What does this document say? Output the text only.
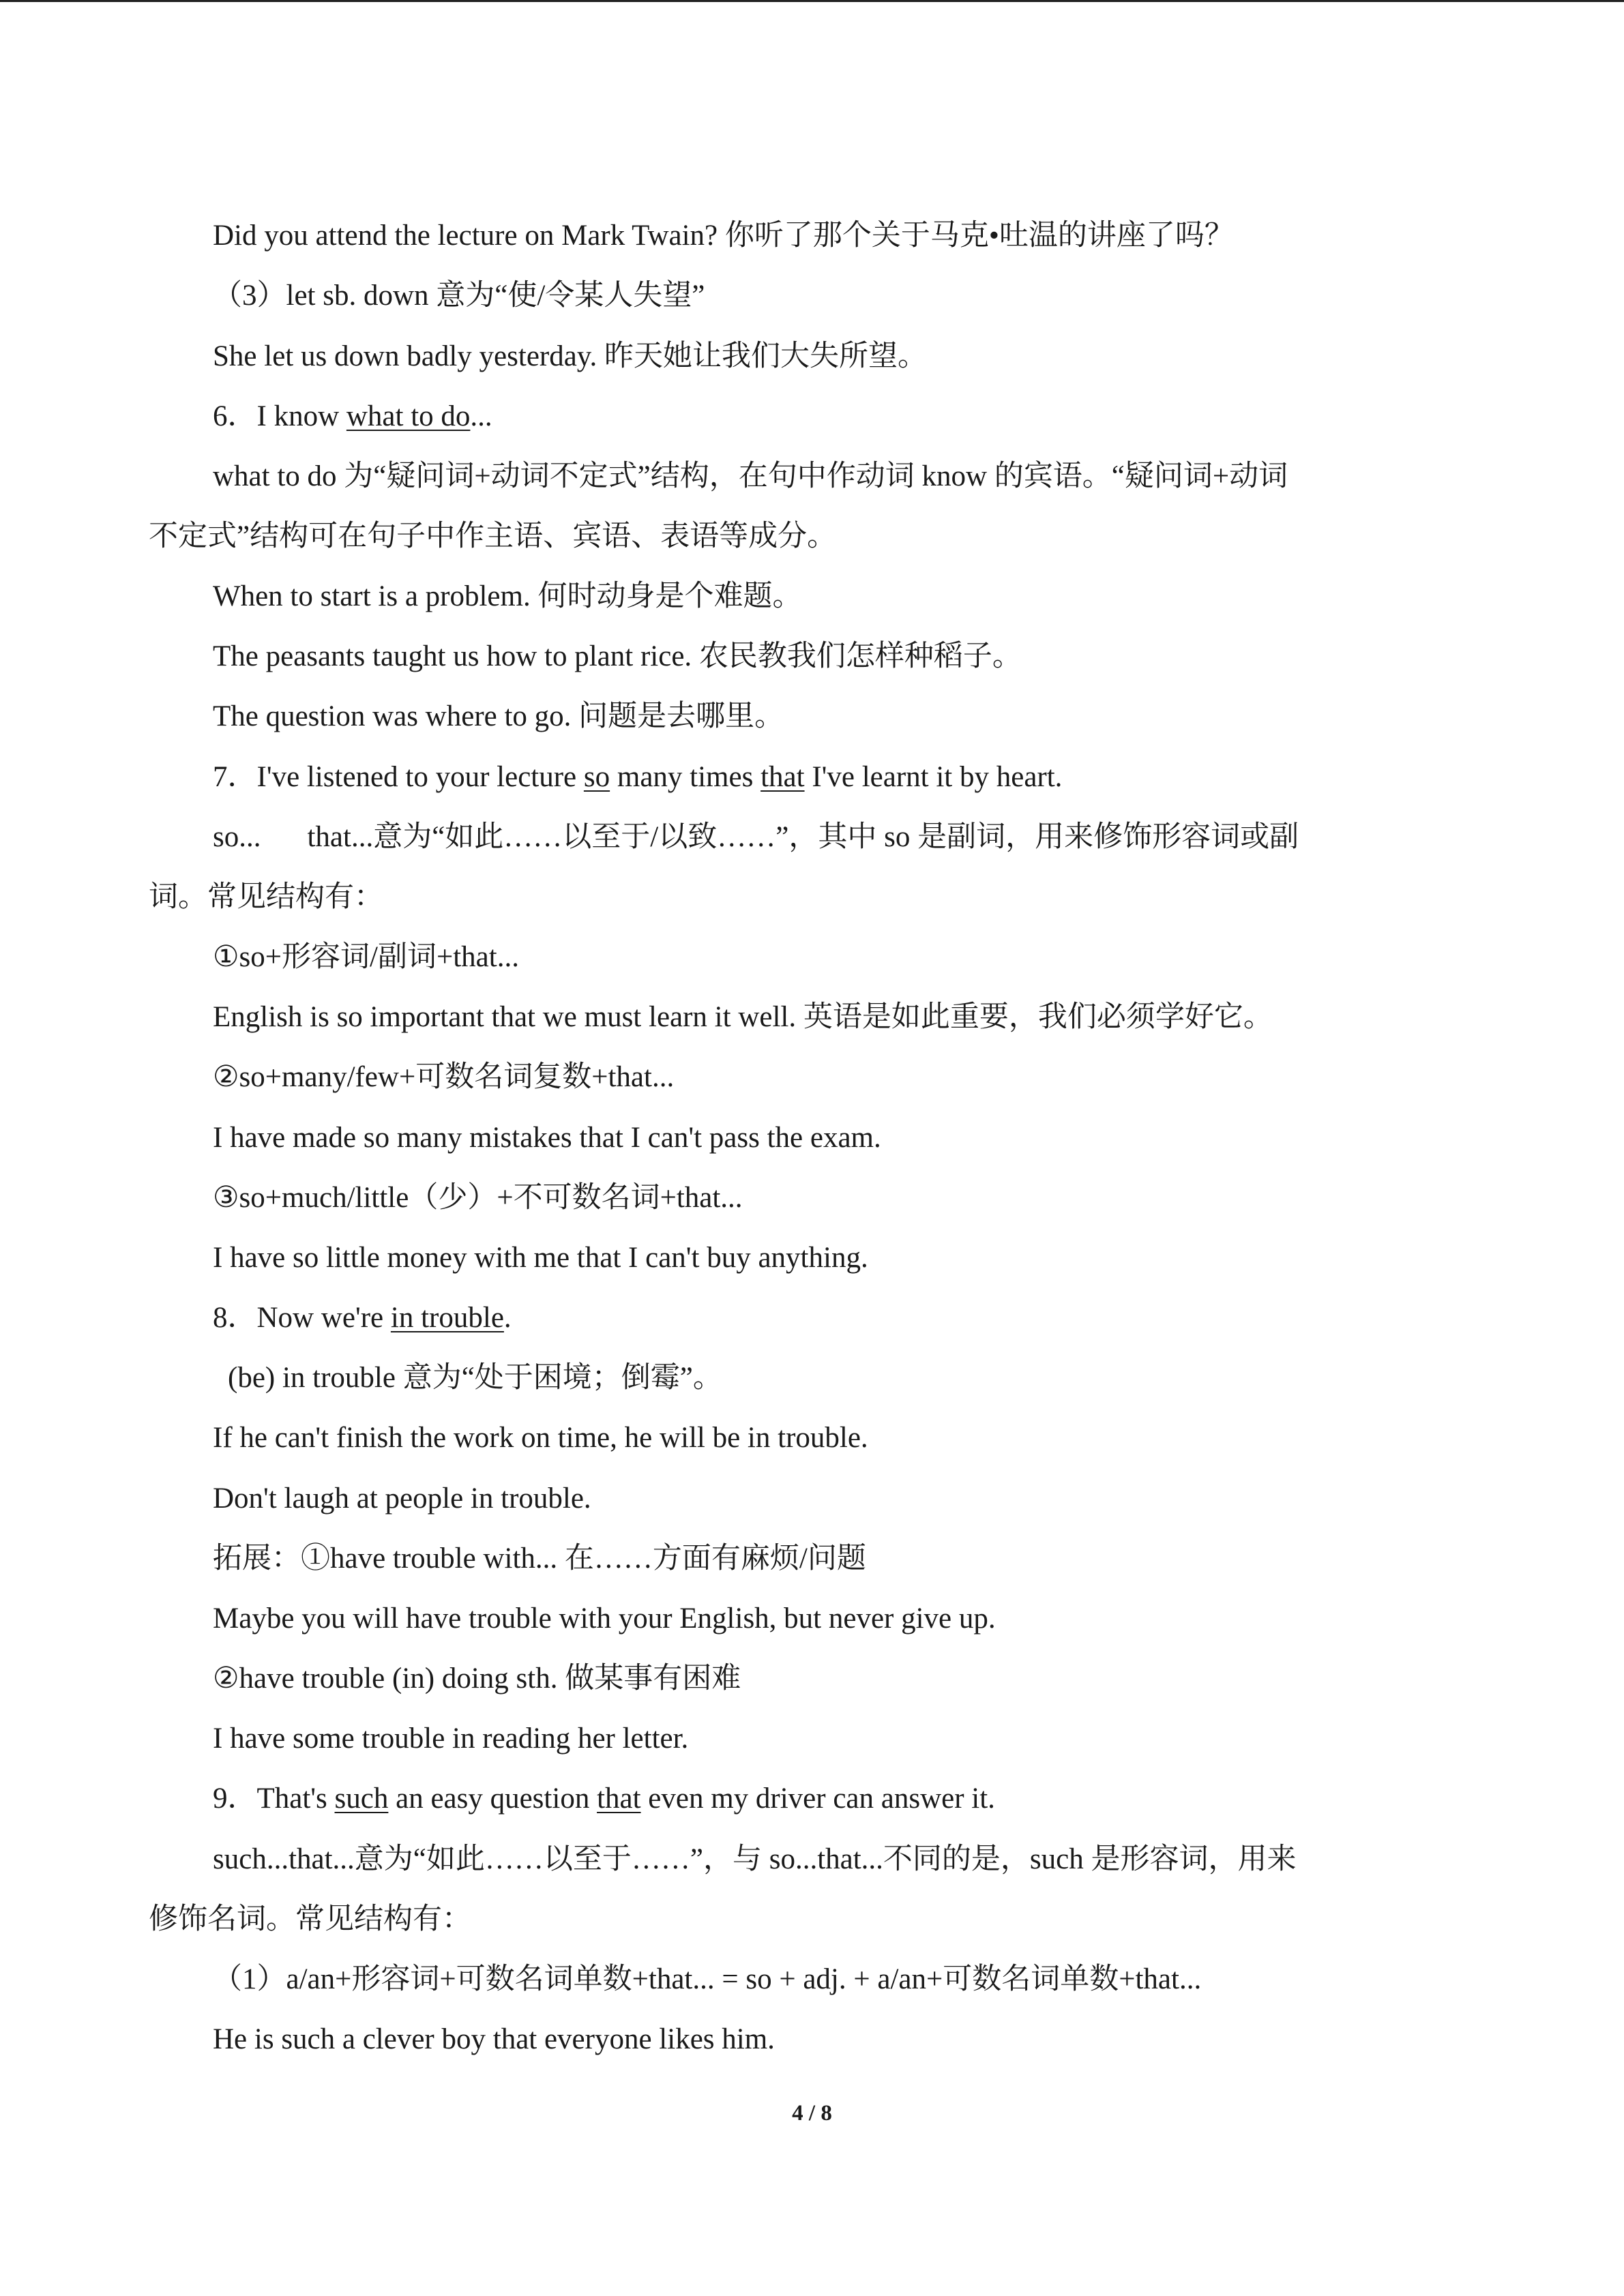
Did you attend the lecture on Mark Twain? 你听了那个关于马克•吐温的讲座了吗？
（3）let sb. down 意为“使/令某人失望”
She let us down badly yesterday. 昨天她让我们大失所望。
6．I know what to do...
what to do 为“疑问词+动词不定式”结构，在句中作动词 know 的宾语。“疑问词+动词
不定式”结构可在句子中作主语、宾语、表语等成分。
When to start is a problem. 何时动身是个难题。
The peasants taught us how to plant rice. 农民教我们怎样种稻子。
The question was where to go. 问题是去哪里。
7．I've listened to your lecture so many times that I've learnt it by heart.
so... that...意为“如此……以至于/以致……”，其中 so 是副词，用来修饰形容词或副
词。常见结构有：
①so+形容词/副词+that...
English is so important that we must learn it well. 英语是如此重要，我们必须学好它。
②so+many/few+可数名词复数+that...
I have made so many mistakes that I can't pass the exam.
③so+much/little（少）+不可数名词+that...
I have so little money with me that I can't buy anything.
8．Now we're in trouble.
(be) in trouble 意为“处于困境；倒霉”。
If he can't finish the work on time, he will be in trouble.
Don't laugh at people in trouble.
拓展：①have trouble with... 在……方面有麻烦/问题
Maybe you will have trouble with your English, but never give up.
②have trouble (in) doing sth. 做某事有困难
I have some trouble in reading her letter.
9．That's such an easy question that even my driver can answer it.
such...that...意为“如此……以至于……”，与 so...that...不同的是，such 是形容词，用来
修饰名词。常见结构有：
（1）a/an+形容词+可数名词单数+that... = so + adj. + a/an+可数名词单数+that...
He is such a clever boy that everyone likes him.
4 / 8
